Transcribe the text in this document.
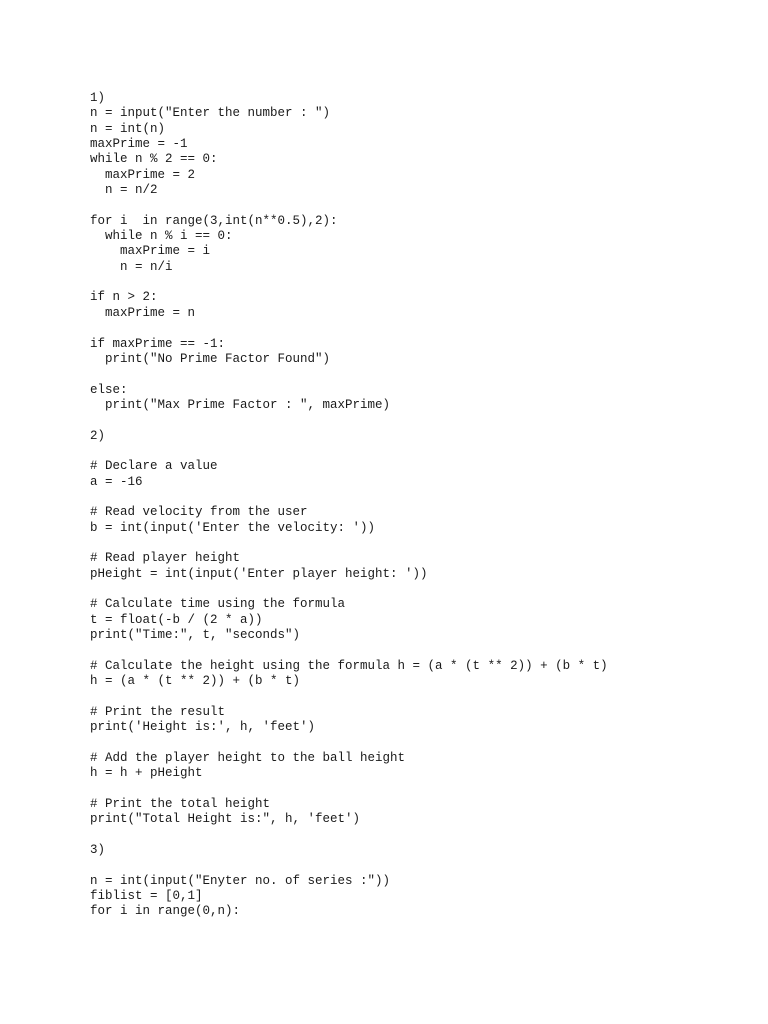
1)
n = input("Enter the number : ")
n = int(n)
maxPrime = -1
while n % 2 == 0:
maxPrime = 2
n = n/2
for i  in range(3,int(n**0.5),2):
while n % i == 0:
maxPrime = i
n = n/i
if n > 2:
maxPrime = n
if maxPrime == -1:
print("No Prime Factor Found")
else:
print("Max Prime Factor : ", maxPrime)
2)
# Declare a value
a = -16
# Read velocity from the user
b = int(input('Enter the velocity: '))
# Read player height
pHeight = int(input('Enter player height: '))
# Calculate time using the formula
t = float(-b / (2 * a))
print("Time:", t, "seconds")
# Calculate the height using the formula h = (a * (t ** 2)) + (b * t)
h = (a * (t ** 2)) + (b * t)
# Print the result
print('Height is:', h, 'feet')
# Add the player height to the ball height
h = h + pHeight
# Print the total height
print("Total Height is:", h, 'feet')
3)
n = int(input("Enyter no. of series :"))
fiblist = [0,1]
for i in range(0,n):
